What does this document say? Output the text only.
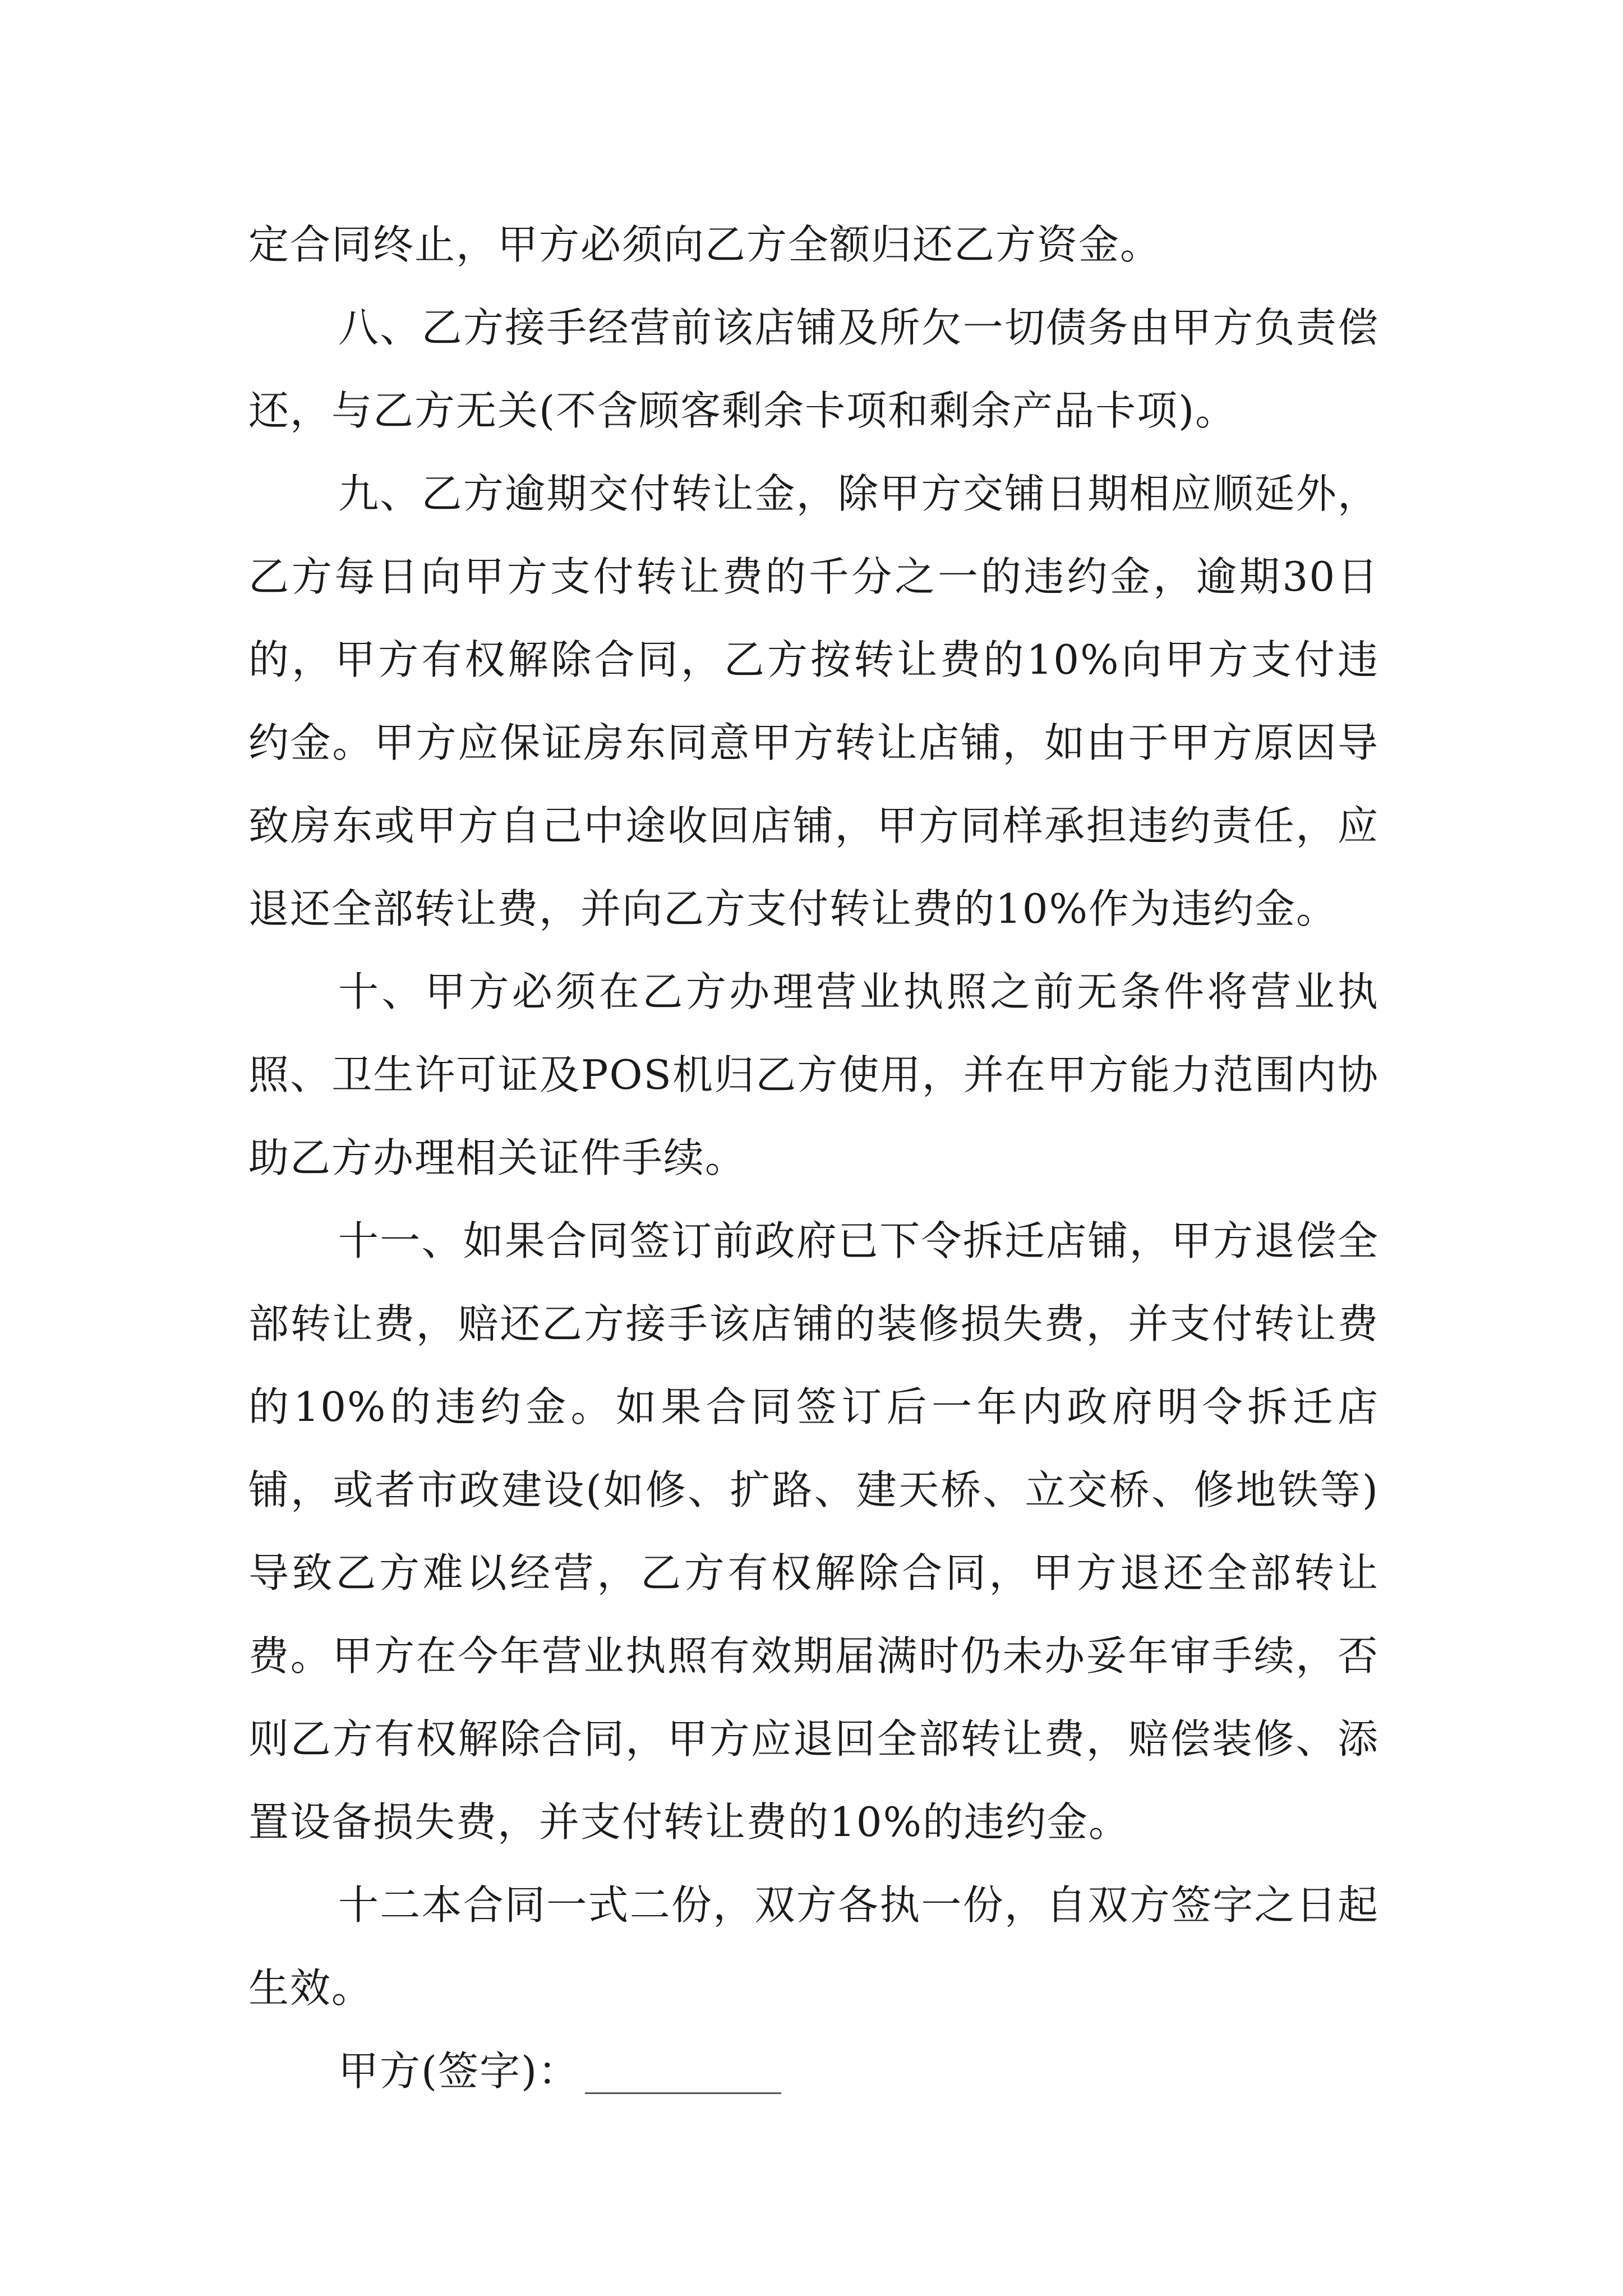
定合同终止，甲方必须向乙方全额归还乙方资金。

八、乙方接手经营前该店铺及所欠一切债务由甲方负责偿还，与乙方无关(不含顾客剩余卡项和剩余产品卡项)。

九、乙方逾期交付转让金，除甲方交铺日期相应顺延外，乙方每日向甲方支付转让费的千分之一的违约金，逾期30日的，甲方有权解除合同，乙方按转让费的10%向甲方支付违约金。甲方应保证房东同意甲方转让店铺，如由于甲方原因导致房东或甲方自己中途收回店铺，甲方同样承担违约责任，应退还全部转让费，并向乙方支付转让费的10%作为违约金。

十、甲方必须在乙方办理营业执照之前无条件将营业执照、卫生许可证及POS机归乙方使用，并在甲方能力范围内协助乙方办理相关证件手续。

十一、如果合同签订前政府已下令拆迁店铺，甲方退偿全部转让费，赔还乙方接手该店铺的装修损失费，并支付转让费的10%的违约金。如果合同签订后一年内政府明令拆迁店铺，或者市政建设(如修、扩路、建天桥、立交桥、修地铁等)导致乙方难以经营，乙方有权解除合同，甲方退还全部转让费。甲方在今年营业执照有效期届满时仍未办妥年审手续，否则乙方有权解除合同，甲方应退回全部转让费，赔偿装修、添置设备损失费，并支付转让费的10%的违约金。

十二本合同一式二份，双方各执一份，自双方签字之日起生效。

甲方(签字)：
